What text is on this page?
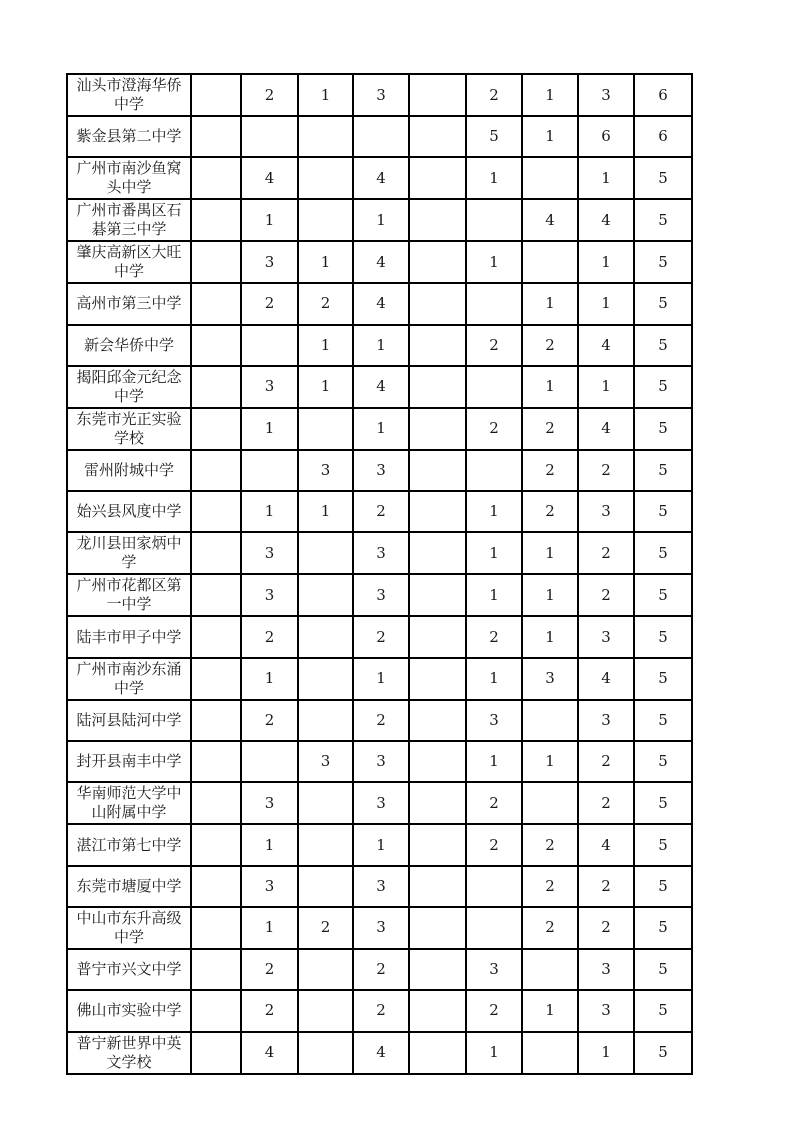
汕头市澄海华侨中学		2	1	3		2	1	3	6
紫金县第二中学						5	1	6	6
广州市南沙鱼窝头中学		4		4		1		1	5
广州市番禺区石碁第三中学		1		1			4	4	5
肇庆高新区大旺中学		3	1	4		1		1	5
高州市第三中学		2	2	4			1	1	5
新会华侨中学			1	1		2	2	4	5
揭阳邱金元纪念中学		3	1	4			1	1	5
东莞市光正实验学校		1		1		2	2	4	5
雷州附城中学			3	3			2	2	5
始兴县风度中学		1	1	2		1	2	3	5
龙川县田家炳中学		3		3		1	1	2	5
广州市花都区第一中学		3		3		1	1	2	5
陆丰市甲子中学		2		2		2	1	3	5
广州市南沙东涌中学		1		1		1	3	4	5
陆河县陆河中学		2		2		3		3	5
封开县南丰中学			3	3		1	1	2	5
华南师范大学中山附属中学		3		3		2		2	5
湛江市第七中学		1		1		2	2	4	5
东莞市塘厦中学		3		3			2	2	5
中山市东升高级中学		1	2	3			2	2	5
普宁市兴文中学		2		2		3		3	5
佛山市实验中学		2		2		2	1	3	5
普宁新世界中英文学校		4		4		1		1	5
